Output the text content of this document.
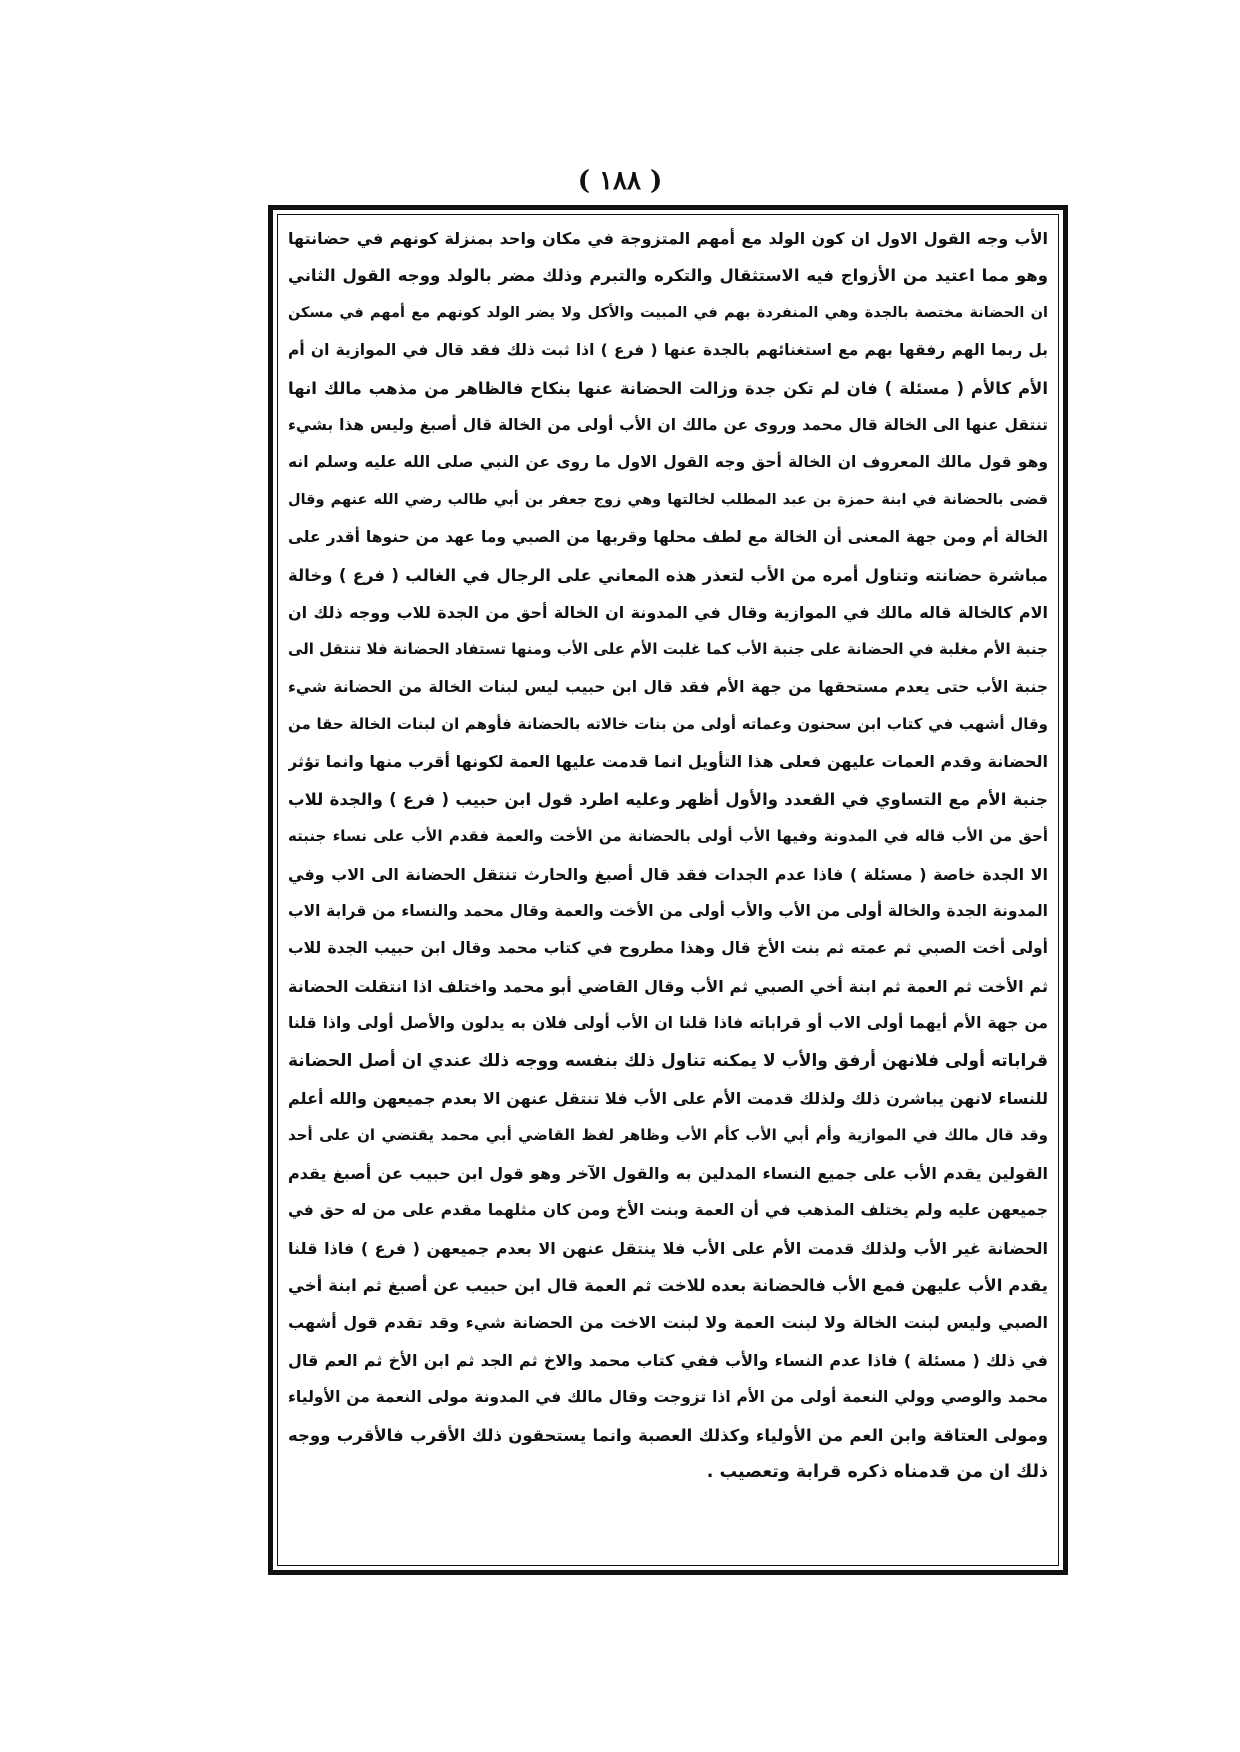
( ١٨٨ )
الأب وجه القول الاول ان كون الولد مع أمهم المتزوجة في مكان واحد بمنزلة كونهم في حضانتها
وهو مما اعتيد من الأزواج فيه الاستثقال والتكره والتبرم وذلك مضر بالولد ووجه القول الثاني
ان الحضانة مختصة بالجدة وهي المنفردة بهم في المبيت والأكل ولا يضر الولد كونهم مع أمهم في مسكن
بل ربما الهم رفقها بهم مع استغنائهم بالجدة عنها ( فرع ) اذا ثبت ذلك فقد قال في الموازية ان أم
الأم كالأم ( مسئلة ) فان لم تكن جدة وزالت الحضانة عنها بنكاح فالظاهر من مذهب مالك انها
تنتقل عنها الى الخالة قال محمد وروى عن مالك ان الأب أولى من الخالة قال أصبغ وليس هذا بشيء
وهو قول مالك المعروف ان الخالة أحق وجه القول الاول ما روى عن النبي صلى الله عليه وسلم انه
قضى بالحضانة في ابنة حمزة بن عبد المطلب لخالتها وهي زوج جعفر بن أبي طالب رضي الله عنهم وقال
الخالة أم ومن جهة المعنى أن الخالة مع لطف محلها وقربها من الصبي وما عهد من حنوها أقدر على
مباشرة حضانته وتناول أمره من الأب لتعذر هذه المعاني على الرجال في الغالب ( فرع ) وخالة
الام كالخالة قاله مالك في الموازية وقال في المدونة ان الخالة أحق من الجدة للاب ووجه ذلك ان
جنبة الأم مغلبة في الحضانة على جنبة الأب كما غلبت الأم على الأب ومنها تستفاد الحضانة فلا تنتقل الى
جنبة الأب حتى يعدم مستحقها من جهة الأم فقد قال ابن حبيب ليس لبنات الخالة من الحضانة شيء
وقال أشهب في كتاب ابن سحنون وعماته أولى من بنات خالاته بالحضانة فأوهم ان لبنات الخالة حقا من
الحضانة وقدم العمات عليهن فعلى هذا التأويل انما قدمت عليها العمة لكونها أقرب منها وانما تؤثر
جنبة الأم مع التساوي في القعدد والأول أظهر وعليه اطرد قول ابن حبيب ( فرع ) والجدة للاب
أحق من الأب قاله في المدونة وفيها الأب أولى بالحضانة من الأخت والعمة فقدم الأب على نساء جنبته
الا الجدة خاصة ( مسئلة ) فاذا عدم الجدات فقد قال أصبغ والحارث تنتقل الحضانة الى الاب وفي
المدونة الجدة والخالة أولى من الأب والأب أولى من الأخت والعمة وقال محمد والنساء من قرابة الاب
أولى أخت الصبي ثم عمته ثم بنت الأخ قال وهذا مطروح في كتاب محمد وقال ابن حبيب الجدة للاب
ثم الأخت ثم العمة ثم ابنة أخي الصبي ثم الأب وقال القاضي أبو محمد واختلف اذا انتقلت الحضانة
من جهة الأم أيهما أولى الاب أو قراباته فاذا قلنا ان الأب أولى فلان به يدلون والأصل أولى واذا قلنا
قراباته أولى فلانهن أرفق والأب لا يمكنه تناول ذلك بنفسه ووجه ذلك عندي ان أصل الحضانة
للنساء لانهن يباشرن ذلك ولذلك قدمت الأم على الأب فلا تنتقل عنهن الا بعدم جميعهن والله أعلم
وقد قال مالك في الموازية وأم أبي الأب كأم الأب وظاهر لفظ القاضي أبي محمد يقتضي ان على أحد
القولين يقدم الأب على جميع النساء المدلين به والقول الآخر وهو قول ابن حبيب عن أصبغ يقدم
جميعهن عليه ولم يختلف المذهب في أن العمة وبنت الأخ ومن كان مثلهما مقدم على من له حق في
الحضانة غير الأب ولذلك قدمت الأم على الأب فلا ينتقل عنهن الا بعدم جميعهن ( فرع ) فاذا قلنا
يقدم الأب عليهن فمع الأب فالحضانة بعده للاخت ثم العمة قال ابن حبيب عن أصبغ ثم ابنة أخي
الصبي وليس لبنت الخالة ولا لبنت العمة ولا لبنت الاخت من الحضانة شيء وقد تقدم قول أشهب
في ذلك ( مسئلة ) فاذا عدم النساء والأب ففي كتاب محمد والاخ ثم الجد ثم ابن الأخ ثم العم قال
محمد والوصي وولي النعمة أولى من الأم اذا تزوجت وقال مالك في المدونة مولى النعمة من الأولياء
ومولى العتاقة وابن العم من الأولياء وكذلك العصبة وانما يستحقون ذلك الأقرب فالأقرب ووجه
ذلك ان من قدمناه ذكره قرابة وتعصيب .
